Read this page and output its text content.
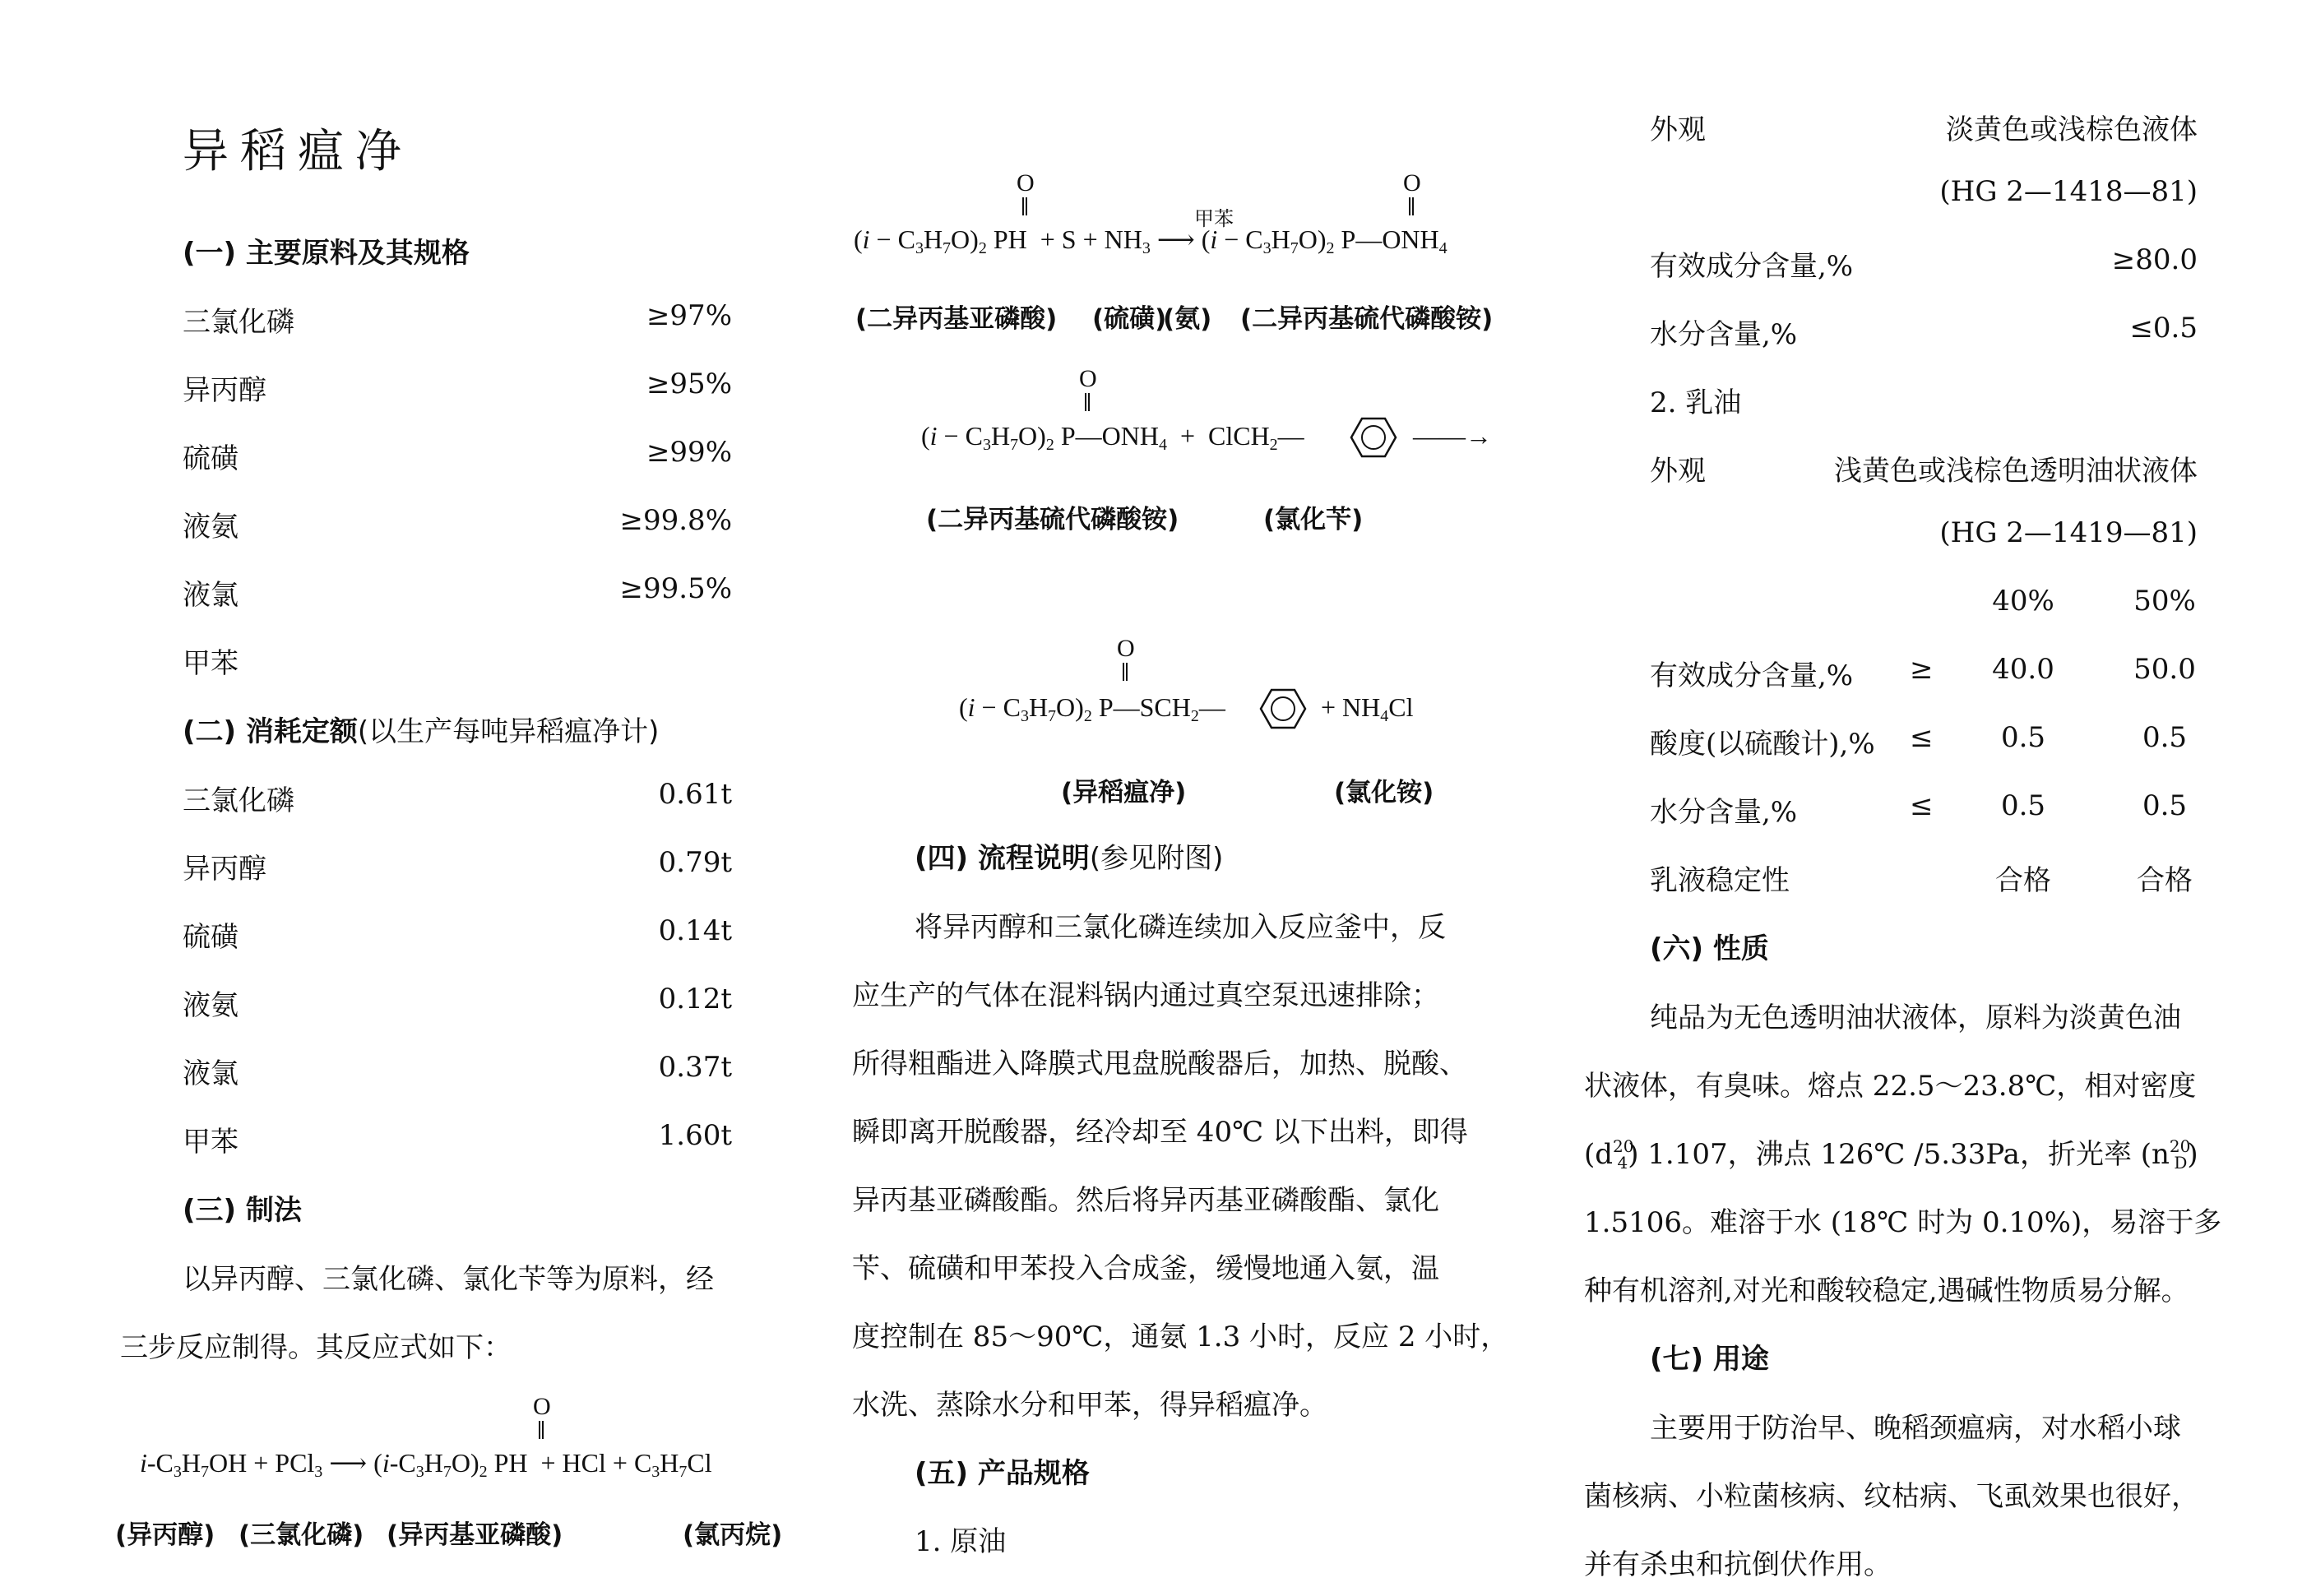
异稻瘟净
(一) 主要原料及其规格
三氯化磷	≥97%
异丙醇	≥95%
硫磺	≥99%
液氨	≥99.8%
液氯	≥99.5%
甲苯
(二) 消耗定额(以生产每吨异稻瘟净计)
三氯化磷	0.61t
异丙醇	0.79t
硫磺	0.14t
液氨	0.12t
液氯	0.37t
甲苯	1.60t
(三) 制法
以异丙醇、三氯化磷、氯化苄等为原料，经
三步反应制得。其反应式如下：
O
$i-C_3H_7OH + PCl_3$ ⟶ $(i-C_3H_7O)_2$ PH  + HCl + $C_3H_7Cl$
(异丙醇) (三氯化磷) (异丙基亚磷酸)	(氯丙烷)
O	O
甲苯
$(i - C_3H_7O)_2$ PH  + $S + NH_3$ ⟶ $(i - C_3H_7O)_2$ $P—ONH_4$
(二异丙基亚磷酸) (硫磺)
(氨) (二异丙基硫代磷酸铵)
O
$(i - C_3H_7O)_2$ $P—ONH_4$  +  ClCH$_2$—	——→
(二异丙基硫代磷酸铵)	(氯化苄)
O
$(i - C_3H_7O)_2$ $P—SCH_2—$	+ $NH_4Cl$
(异稻瘟净)	(氯化铵)
(四) 流程说明(参见附图)
将异丙醇和三氯化磷连续加入反应釜中，反
应生产的气体在混料锅内通过真空泵迅速排除；
所得粗酯进入降膜式甩盘脱酸器后，加热、脱酸、
瞬即离开脱酸器，经冷却至 40℃ 以下出料，即得
异丙基亚磷酸酯。然后将异丙基亚磷酸酯、氯化
苄、硫磺和甲苯投入合成釜，缓慢地通入氨，温
度控制在 85～90℃，通氨 1.3 小时，反应 2 小时，
水洗、蒸除水分和甲苯，得异稻瘟净。
(五) 产品规格
1. 原油
外观	淡黄色或浅棕色液体
(HG 2—1418—81)
有效成分含量,%	≥80.0
水分含量,%	≤0.5
2. 乳油
外观	浅黄色或浅棕色透明油状液体
(HG 2—1419—81)
40%	50%
有效成分含量,% ≥	40.0	50.0
酸度(以硫酸计),% ≤	0.5	0.5
水分含量,%	≤	0.5	0.5
乳液稳定性	合格	合格
(六) 性质
纯品为无色透明油状液体，原料为淡黄色油
状液体，有臭味。熔点 22.5～23.8℃，相对密度
$(d^{20}_4)$ 1.107，沸点 126℃ /5.33Pa，折光率 $(n^{20}_D)$
1.5106。难溶于水 (18℃ 时为 0.10%)，易溶于多
种有机溶剂,对光和酸较稳定,遇碱性物质易分解。
(七) 用途
主要用于防治早、晚稻颈瘟病，对水稻小球
菌核病、小粒菌核病、纹枯病、飞虱效果也很好，
并有杀虫和抗倒伏作用。
